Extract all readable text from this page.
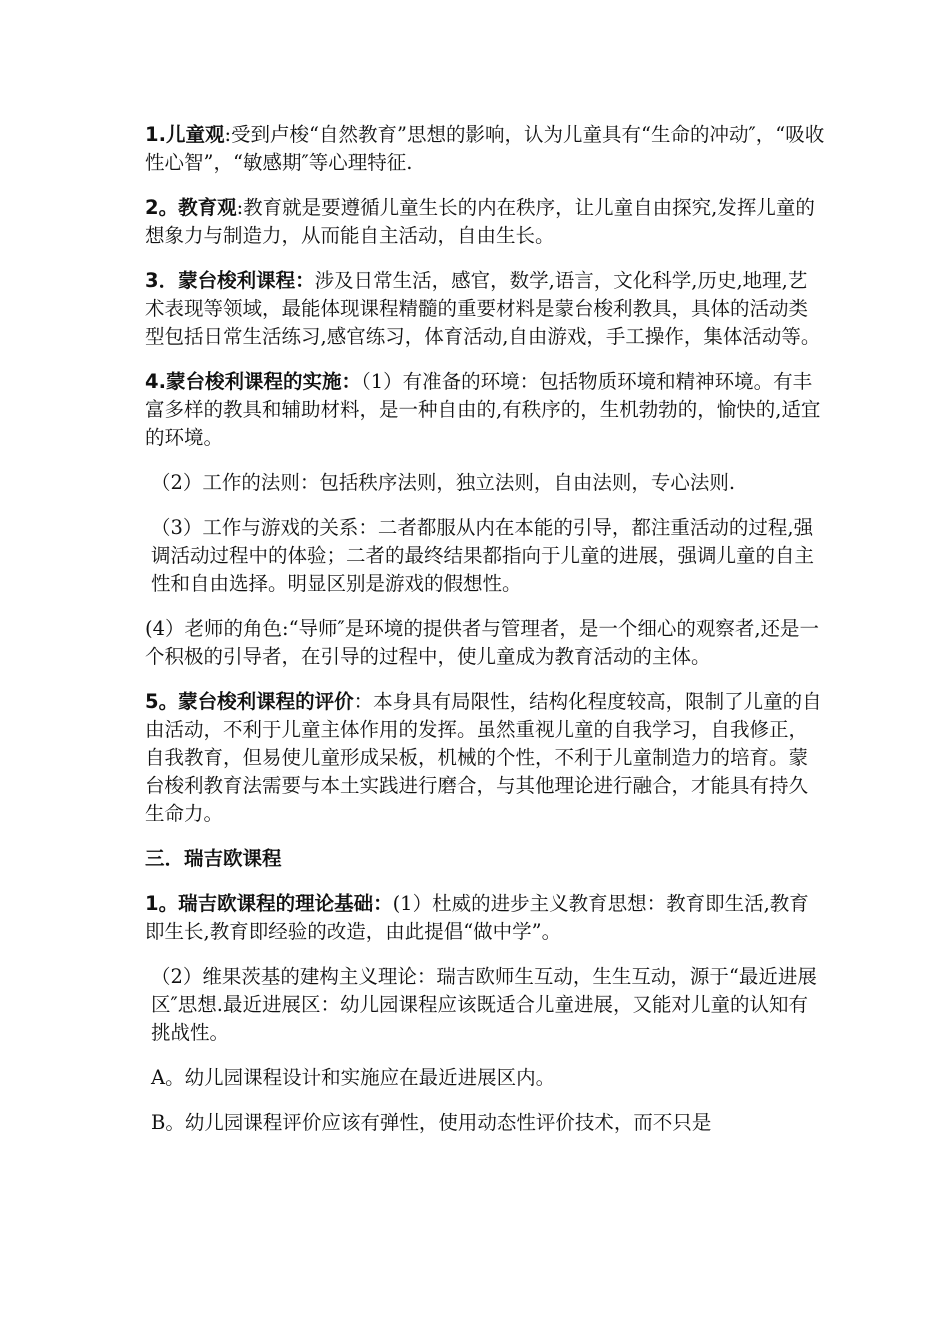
1.儿童观:受到卢梭“自然教育”思想的影响，认为儿童具有“生命的冲动″，“吸收性心智”，“敏感期″等心理特征.

2。教育观:教育就是要遵循儿童生长的内在秩序，让儿童自由探究,发挥儿童的想象力与制造力，从而能自主活动，自由生长。

3．蒙台梭利课程：涉及日常生活，感官，数学,语言，文化科学,历史,地理,艺术表现等领域，最能体现课程精髓的重要材料是蒙台梭利教具，具体的活动类型包括日常生活练习,感官练习，体育活动,自由游戏，手工操作，集体活动等。

4.蒙台梭利课程的实施：（1）有准备的环境：包括物质环境和精神环境。有丰富多样的教具和辅助材料，是一种自由的,有秩序的，生机勃勃的，愉快的,适宜的环境。

（2）工作的法则：包括秩序法则，独立法则，自由法则，专心法则.

（3）工作与游戏的关系：二者都服从内在本能的引导，都注重活动的过程,强调活动过程中的体验；二者的最终结果都指向于儿童的进展，强调儿童的自主性和自由选择。明显区别是游戏的假想性。

(4）老师的角色:“导师″是环境的提供者与管理者，是一个细心的观察者,还是一个积极的引导者，在引导的过程中，使儿童成为教育活动的主体。

5。蒙台梭利课程的评价：本身具有局限性，结构化程度较高，限制了儿童的自由活动，不利于儿童主体作用的发挥。虽然重视儿童的自我学习，自我修正，自我教育，但易使儿童形成呆板，机械的个性，不利于儿童制造力的培育。蒙台梭利教育法需要与本土实践进行磨合，与其他理论进行融合，才能具有持久生命力。

三．瑞吉欧课程

1。瑞吉欧课程的理论基础：(1）杜威的进步主义教育思想：教育即生活,教育即生长,教育即经验的改造，由此提倡“做中学”。

（2）维果茨基的建构主义理论：瑞吉欧师生互动，生生互动，源于“最近进展区″思想.最近进展区：幼儿园课程应该既适合儿童进展，又能对儿童的认知有挑战性。

A。幼儿园课程设计和实施应在最近进展区内。

B。幼儿园课程评价应该有弹性，使用动态性评价技术，而不只是
